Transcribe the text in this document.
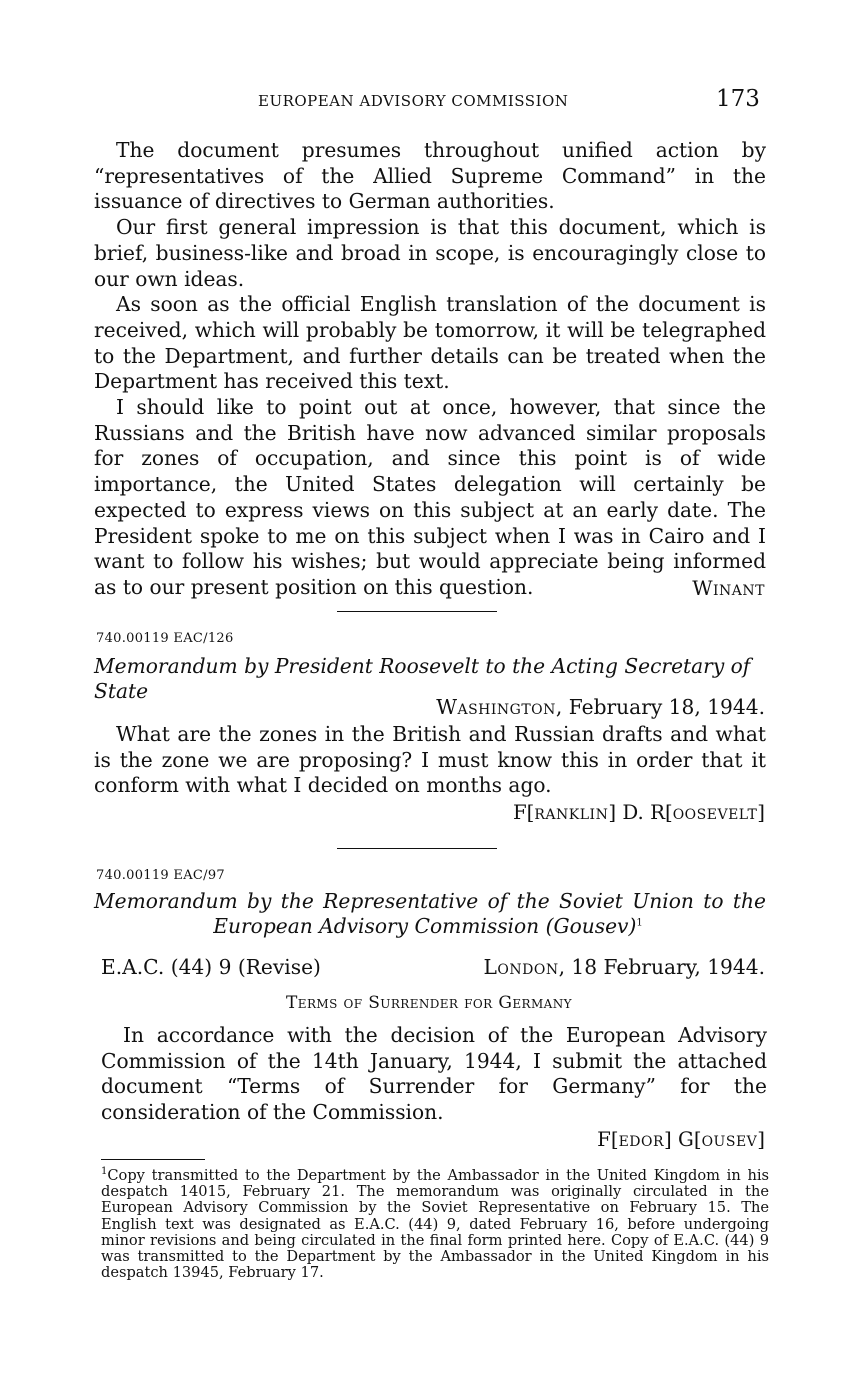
EUROPEAN ADVISORY COMMISSION	173

The document presumes throughout unified action by “representatives of the Allied Supreme Command” in the issuance of directives to German authorities.

Our first general impression is that this document, which is brief, business-like and broad in scope, is encouragingly close to our own ideas.

As soon as the official English translation of the document is received, which will probably be tomorrow, it will be telegraphed to the Department, and further details can be treated when the Department has received this text.

I should like to point out at once, however, that since the Russians and the British have now advanced similar proposals for zones of occupation, and since this point is of wide importance, the United States delegation will certainly be expected to express views on this subject at an early date. The President spoke to me on this subject when I was in Cairo and I want to follow his wishes; but would appreciate being informed as to our present position on this question.	Winant
740.00119 EAC/126
Memorandum by President Roosevelt to the Acting Secretary of State
Washington, February 18, 1944.

What are the zones in the British and Russian drafts and what is the zone we are proposing? I must know this in order that it conform with what I decided on months ago.

F[ranklin] D. R[oosevelt]
740.00119 EAC/97
Memorandum by the Representative of the Soviet Union to the
European Advisory Commission (Gousev)$^1$
E.A.C. (44) 9 (Revise)	London, 18 February, 1944.
Terms of Surrender for Germany

In accordance with the decision of the European Advisory Commission of the 14th January, 1944, I submit the attached document “Terms of Surrender for Germany” for the consideration of the Commission.

F[edor] G[ousev]
$^1$Copy transmitted to the Department by the Ambassador in the United Kingdom in his despatch 14015, February 21. The memorandum was originally circulated in the European Advisory Commission by the Soviet Representative on February 15. The English text was designated as E.A.C. (44) 9, dated February 16, before undergoing minor revisions and being circulated in the final form printed here. Copy of E.A.C. (44) 9 was transmitted to the Department by the Ambassador in the United Kingdom in his despatch 13945, February 17.
